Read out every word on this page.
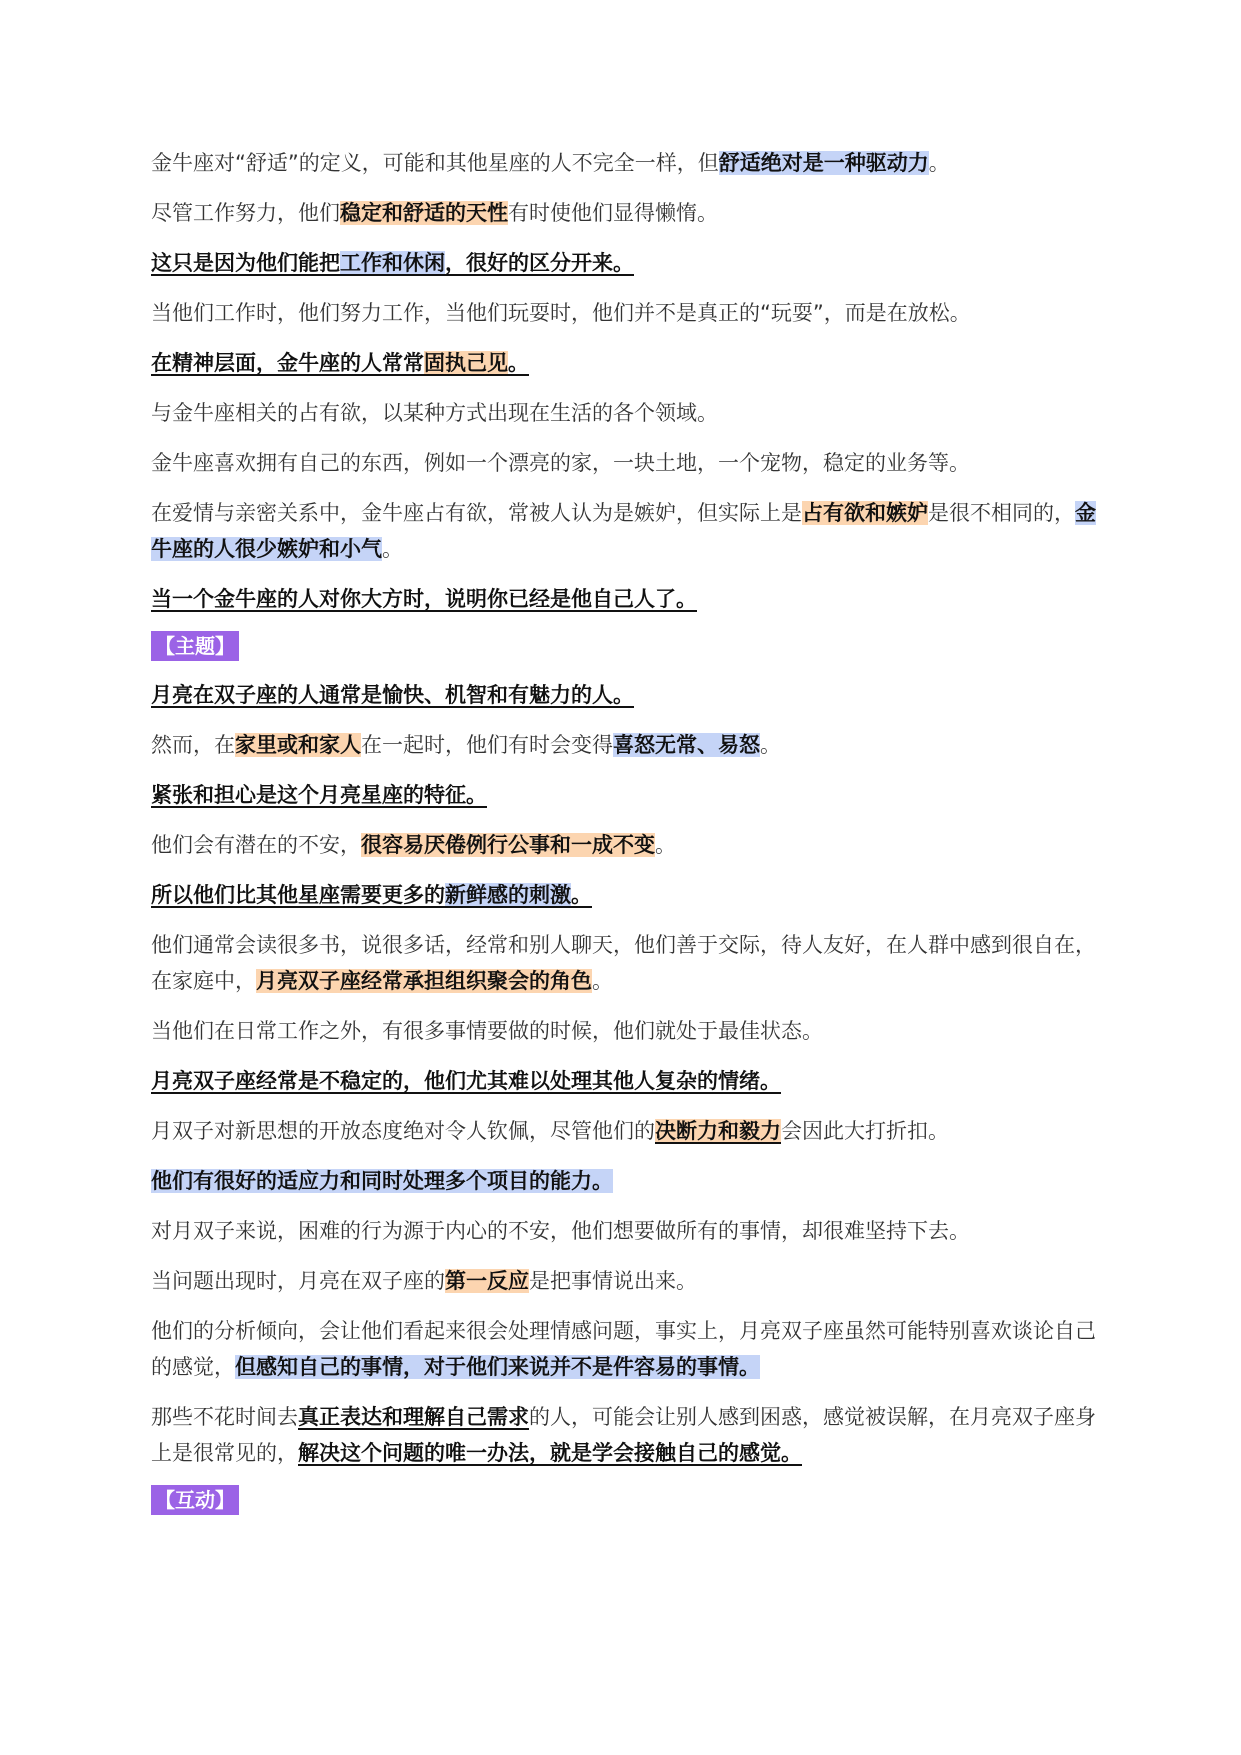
金牛座对“舒适”的定义，可能和其他星座的人不完全一样，但舒适绝对是一种驱动力。

尽管工作努力，他们稳定和舒适的天性有时使他们显得懒惰。

这只是因为他们能把工作和休闲，很好的区分开来。

当他们工作时，他们努力工作，当他们玩耍时，他们并不是真正的“玩耍”，而是在放松。

在精神层面，金牛座的人常常固执己见。

与金牛座相关的占有欲，以某种方式出现在生活的各个领域。

金牛座喜欢拥有自己的东西，例如一个漂亮的家，一块土地，一个宠物，稳定的业务等。

在爱情与亲密关系中，金牛座占有欲，常被人认为是嫉妒，但实际上是占有欲和嫉妒是很不相同的，金牛座的人很少嫉妒和小气。

当一个金牛座的人对你大方时，说明你已经是他自己人了。

【主题】

月亮在双子座的人通常是愉快、机智和有魅力的人。

然而，在家里或和家人在一起时，他们有时会变得喜怒无常、易怒。

紧张和担心是这个月亮星座的特征。

他们会有潜在的不安，很容易厌倦例行公事和一成不变。

所以他们比其他星座需要更多的新鲜感的刺激。

他们通常会读很多书，说很多话，经常和别人聊天，他们善于交际，待人友好，在人群中感到很自在，在家庭中，月亮双子座经常承担组织聚会的角色。

当他们在日常工作之外，有很多事情要做的时候，他们就处于最佳状态。

月亮双子座经常是不稳定的，他们尤其难以处理其他人复杂的情绪。

月双子对新思想的开放态度绝对令人钦佩，尽管他们的决断力和毅力会因此大打折扣。

他们有很好的适应力和同时处理多个项目的能力。

对月双子来说，困难的行为源于内心的不安，他们想要做所有的事情，却很难坚持下去。

当问题出现时，月亮在双子座的第一反应是把事情说出来。

他们的分析倾向，会让他们看起来很会处理情感问题，事实上，月亮双子座虽然可能特别喜欢谈论自己的感觉，但感知自己的事情，对于他们来说并不是件容易的事情。

那些不花时间去真正表达和理解自己需求的人，可能会让别人感到困惑，感觉被误解，在月亮双子座身上是很常见的，解决这个问题的唯一办法，就是学会接触自己的感觉。

【互动】
